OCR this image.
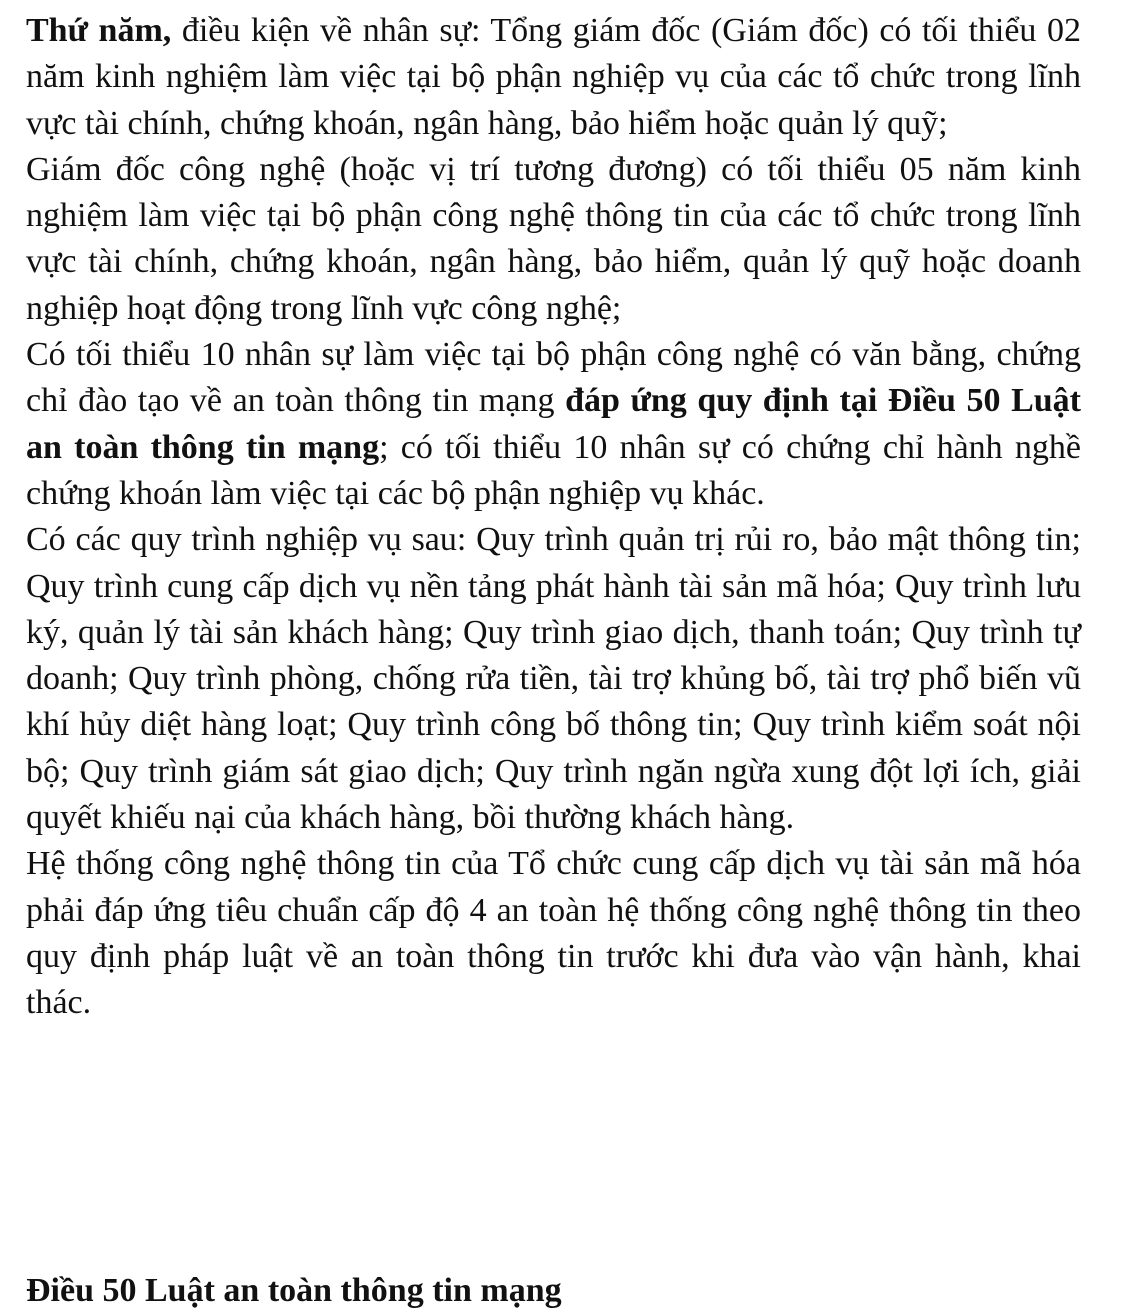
Thứ năm, điều kiện về nhân sự: Tổng giám đốc (Giám đốc) có tối thiểu 02 năm kinh nghiệm làm việc tại bộ phận nghiệp vụ của các tổ chức trong lĩnh vực tài chính, chứng khoán, ngân hàng, bảo hiểm hoặc quản lý quỹ;

Giám đốc công nghệ (hoặc vị trí tương đương) có tối thiểu 05 năm kinh nghiệm làm việc tại bộ phận công nghệ thông tin của các tổ chức trong lĩnh vực tài chính, chứng khoán, ngân hàng, bảo hiểm, quản lý quỹ hoặc doanh nghiệp hoạt động trong lĩnh vực công nghệ;

Có tối thiểu 10 nhân sự làm việc tại bộ phận công nghệ có văn bằng, chứng chỉ đào tạo về an toàn thông tin mạng đáp ứng quy định tại Điều 50 Luật an toàn thông tin mạng; có tối thiểu 10 nhân sự có chứng chỉ hành nghề chứng khoán làm việc tại các bộ phận nghiệp vụ khác.

Có các quy trình nghiệp vụ sau: Quy trình quản trị rủi ro, bảo mật thông tin; Quy trình cung cấp dịch vụ nền tảng phát hành tài sản mã hóa; Quy trình lưu ký, quản lý tài sản khách hàng; Quy trình giao dịch, thanh toán; Quy trình tự doanh; Quy trình phòng, chống rửa tiền, tài trợ khủng bố, tài trợ phổ biến vũ khí hủy diệt hàng loạt; Quy trình công bố thông tin; Quy trình kiểm soát nội bộ; Quy trình giám sát giao dịch; Quy trình ngăn ngừa xung đột lợi ích, giải quyết khiếu nại của khách hàng, bồi thường khách hàng.

Hệ thống công nghệ thông tin của Tổ chức cung cấp dịch vụ tài sản mã hóa phải đáp ứng tiêu chuẩn cấp độ 4 an toàn hệ thống công nghệ thông tin theo quy định pháp luật về an toàn thông tin trước khi đưa vào vận hành, khai thác.

Điều 50 Luật an toàn thông tin mạng
